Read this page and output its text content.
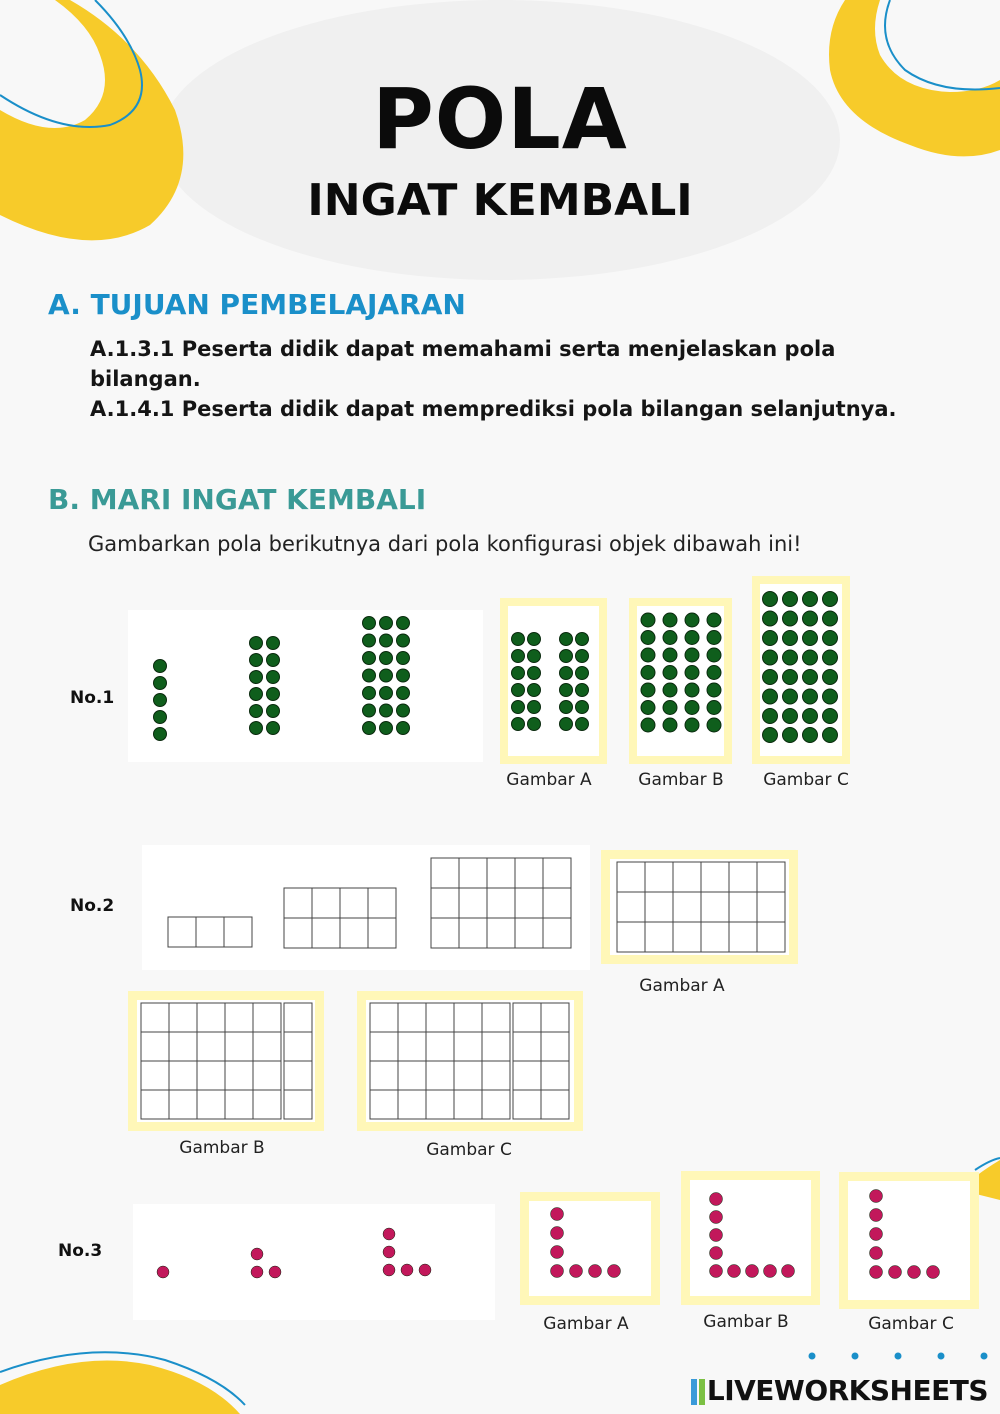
POLA
INGAT KEMBALI
A. TUJUAN PEMBELAJARAN
A.1.3.1 Peserta didik dapat memahami serta menjelaskan pola bilangan.
A.1.4.1 Peserta didik dapat memprediksi pola bilangan selanjutnya.
B. MARI INGAT KEMBALI
Gambarkan pola berikutnya dari pola konfigurasi objek dibawah ini!
No.1
Gambar A	Gambar B	Gambar C
No.2
Gambar A
Gambar B	Gambar C
No.3
Gambar A	Gambar B	Gambar C
LIVEWORKSHEETS
